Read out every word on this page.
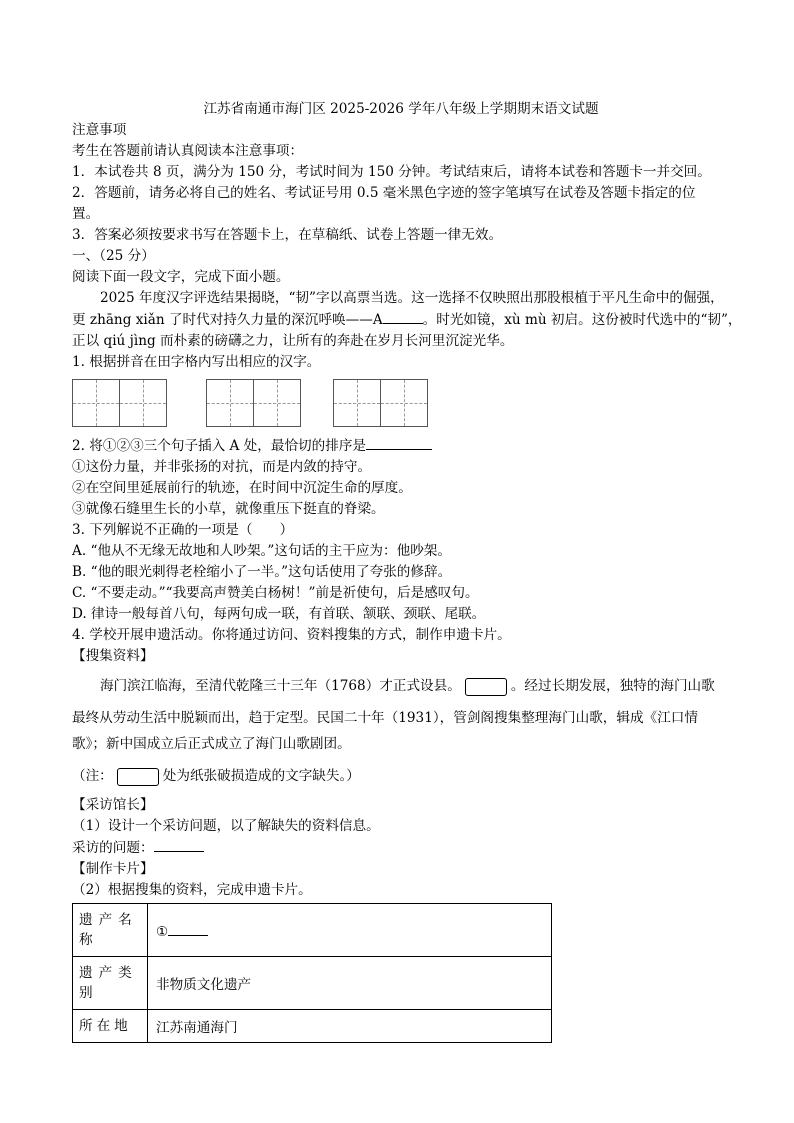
江苏省南通市海门区 2025-2026 学年八年级上学期期末语文试题
注意事项
考生在答题前请认真阅读本注意事项：
1．本试卷共 8 页，满分为 150 分，考试时间为 150 分钟。考试结束后，请将本试卷和答题卡一并交回。
2．答题前，请务必将自己的姓名、考试证号用 0.5 毫米黑色字迹的签字笔填写在试卷及答题卡指定的位
置。
3．答案必须按要求书写在答题卡上，在草稿纸、试卷上答题一律无效。
一、（25 分）
阅读下面一段文字，完成下面小题。
2025 年度汉字评选结果揭晓，“韧”字以高票当选。这一选择不仅映照出那股根植于平凡生命中的倔强，
更 zhāng xiǎn 了时代对持久力量的深沉呼唤——A	。时光如镜，xù mù 初启。这份被时代选中的“韧”，
正以 qiú jìng 而朴素的磅礴之力，让所有的奔赴在岁月长河里沉淀光华。
1. 根据拼音在田字格内写出相应的汉字。
2. 将①②③三个句子插入 A 处，最恰切的排序是
①这份力量，并非张扬的对抗，而是内敛的持守。
②在空间里延展前行的轨迹，在时间中沉淀生命的厚度。
③就像石缝里生长的小草，就像重压下挺直的脊梁。
3. 下列解说不正确的一项是（　　）
A. “他从不无缘无故地和人吵架。”这句话的主干应为：他吵架。
B. “他的眼光刺得老栓缩小了一半。”这句话使用了夸张的修辞。
C. “不要走动。”“我要高声赞美白杨树！”前是祈使句，后是感叹句。
D. 律诗一般每首八句，每两句成一联，有首联、颔联、颈联、尾联。
4. 学校开展申遗活动。你将通过访问、资料搜集的方式，制作申遗卡片。
【搜集资料】
海门滨江临海，至清代乾隆三十三年（1768）才正式设县。	。经过长期发展，独特的海门山歌
最终从劳动生活中脱颖而出，趋于定型。民国二十年（1931），管剑阁搜集整理海门山歌，辑成《江口情
歌》；新中国成立后正式成立了海门山歌剧团。
（注：	处为纸张破损造成的文字缺失。）
【采访馆长】
（1）设计一个采访问题，以了解缺失的资料信息。
采访的问题：
【制作卡片】
（2）根据搜集的资料，完成申遗卡片。
遗产名称	①
遗产类别	非物质文化遗产
所在地	江苏南通海门
